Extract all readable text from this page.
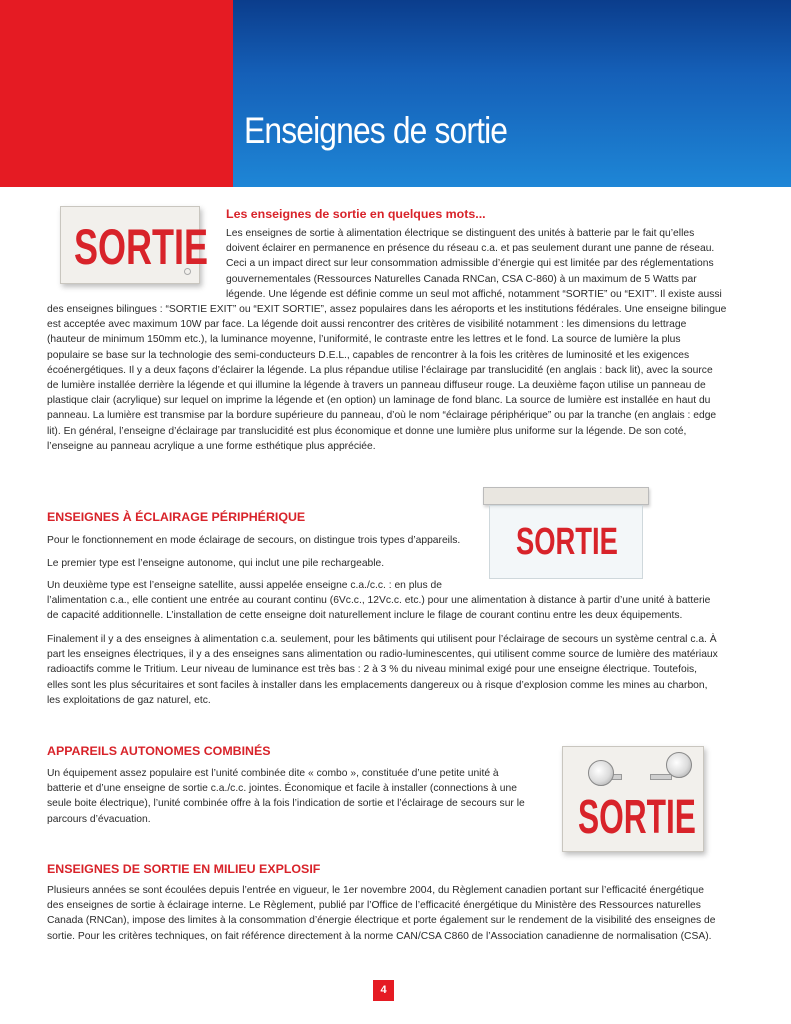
Enseignes de sortie
SORTIE
Les enseignes de sortie en quelques mots...
Les enseignes de sortie à alimentation électrique se distinguent des unités à batterie par le fait qu’elles
doivent éclairer en permanence en présence du réseau c.a. et pas seulement durant une panne de réseau.
Ceci a un impact direct sur leur consommation admissible d’énergie qui est limitée par des réglementations
gouvernementales (Ressources Naturelles Canada RNCan, CSA C-860) à un maximum de 5 Watts par
légende. Une légende est définie comme un seul mot affiché, notamment “SORTIE” ou “EXIT”. Il existe aussi
des enseignes bilingues : “SORTIE EXIT” ou “EXIT SORTIE”, assez populaires dans les aéroports et les institutions fédérales. Une enseigne bilingue
est acceptée avec maximum 10W par face. La légende doit aussi rencontrer des critères de visibilité notamment : les dimensions du lettrage
(hauteur de minimum 150mm etc.), la luminance moyenne, l’uniformité, le contraste entre les lettres et le fond. La source de lumière la plus
populaire se base sur la technologie des semi-conducteurs D.E.L., capables de rencontrer à la fois les critères de luminosité et les exigences
écoénergétiques. Il y a deux façons d’éclairer la légende. La plus répandue utilise l’éclairage par translucidité (en anglais : back lit), avec la source
de lumière installée derrière la légende et qui illumine la légende à travers un panneau diffuseur rouge. La deuxième façon utilise un panneau de
plastique clair (acrylique) sur lequel on imprime la légende et (en option) un laminage de fond blanc. La source de lumière est installée en haut du
panneau. La lumière est transmise par la bordure supérieure du panneau, d’où le nom “éclairage périphérique” ou par la tranche (en anglais : edge
lit). En général, l’enseigne d’éclairage par translucidité est plus économique et donne une lumière plus uniforme sur la légende. De son coté,
l’enseigne au panneau acrylique a une forme esthétique plus appréciée.
ENSEIGNES À ÉCLAIRAGE PÉRIPHÉRIQUE
SORTIE
Pour le fonctionnement en mode éclairage de secours, on distingue trois types d’appareils.
Le premier type est l’enseigne autonome, qui inclut une pile rechargeable.
Un deuxième type est l’enseigne satellite, aussi appelée enseigne c.a./c.c. : en plus de
l’alimentation c.a., elle contient une entrée au courant continu (6Vc.c., 12Vc.c. etc.) pour une alimentation à distance à partir d’une unité à batterie
de capacité additionnelle. L’installation de cette enseigne doit naturellement inclure le filage de courant continu entre les deux équipements.
Finalement il y a des enseignes à alimentation c.a. seulement, pour les bâtiments qui utilisent pour l’éclairage de secours un système central c.a. À
part les enseignes électriques, il y a des enseignes sans alimentation ou radio-luminescentes, qui utilisent comme source de lumière des matériaux
radioactifs comme le Tritium. Leur niveau de luminance est très bas : 2 à 3 % du niveau minimal exigé pour une enseigne électrique. Toutefois,
elles sont les plus sécuritaires et sont faciles à installer dans les emplacements dangereux ou à risque d’explosion comme les mines au charbon,
les exploitations de gaz naturel, etc.
APPAREILS AUTONOMES COMBINÉS
SORTIE
Un équipement assez populaire est l’unité combinée dite « combo », constituée d’une petite unité à
batterie et d’une enseigne de sortie c.a./c.c. jointes. Économique et facile à installer (connections à une
seule boite électrique), l’unité combinée offre à la fois l’indication de sortie et l’éclairage de secours sur le
parcours d’évacuation.
ENSEIGNES DE SORTIE EN MILIEU EXPLOSIF
Plusieurs années se sont écoulées depuis l’entrée en vigueur, le 1er novembre 2004, du Règlement canadien portant sur l’efficacité énergétique
des enseignes de sortie à éclairage interne. Le Règlement, publié par l’Office de l’efficacité énergétique du Ministère des Ressources naturelles
Canada (RNCan), impose des limites à la consommation d’énergie électrique et porte également sur le rendement de la visibilité des enseignes de
sortie. Pour les critères techniques, on fait référence directement à la norme CAN/CSA C860 de l’Association canadienne de normalisation (CSA).
4
